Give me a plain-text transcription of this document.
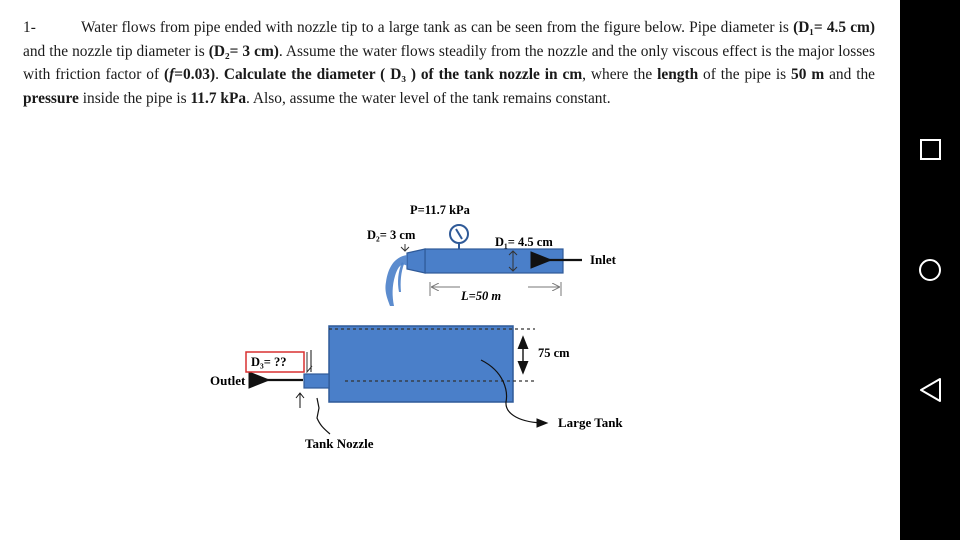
1-	Water flows from pipe ended with nozzle tip to a large tank as can be seen from the figure below. Pipe diameter is (D₁= 4.5 cm) and the nozzle tip diameter is (D₂= 3 cm). Assume the water flows steadily from the nozzle and the only viscous effect is the major losses with friction factor of (f=0.03). Calculate the diameter ( D₃ ) of the tank nozzle in cm, where the length of the pipe is 50 m and the pressure inside the pipe is 11.7 kPa. Also, assume the water level of the tank remains constant.
P=11.7 kPa
D₂= 3 cm	D₁= 4.5 cm
Inlet
L=50 m
75 cm
D₃= ??
Outlet
Large Tank
Tank Nozzle
